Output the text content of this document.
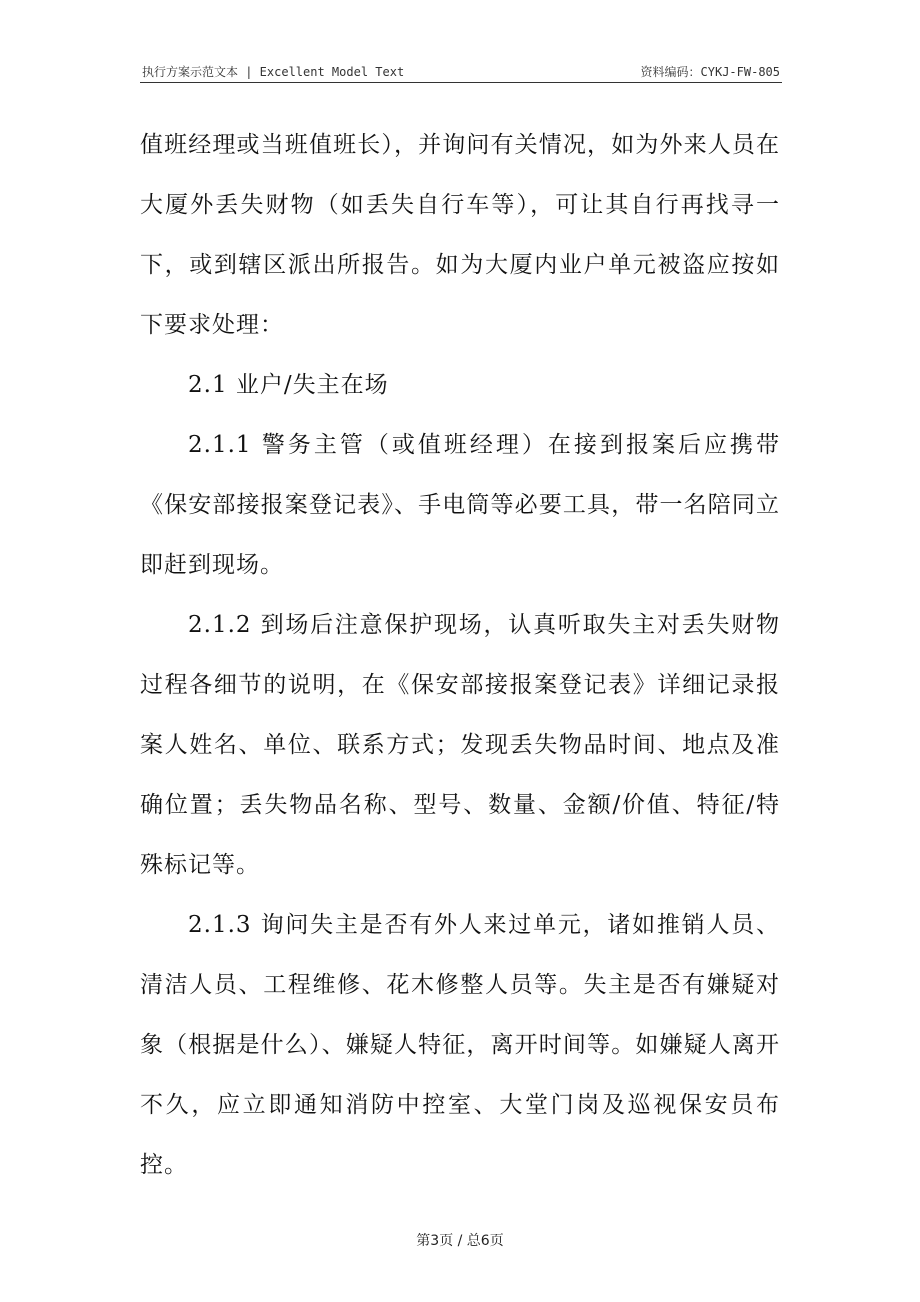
执行方案示范文本 | Excellent Model Text	资料编码：CYKJ-FW-805

值班经理或当班值班长），并询问有关情况，如为外来人员在大厦外丢失财物（如丢失自行车等），可让其自行再找寻一下，或到辖区派出所报告。如为大厦内业户单元被盗应按如下要求处理：

2.1 业户/失主在场

2.1.1 警务主管（或值班经理）在接到报案后应携带《保安部接报案登记表》、手电筒等必要工具，带一名陪同立即赶到现场。

2.1.2 到场后注意保护现场，认真听取失主对丢失财物过程各细节的说明，在《保安部接报案登记表》详细记录报案人姓名、单位、联系方式；发现丢失物品时间、地点及准确位置；丢失物品名称、型号、数量、金额/价值、特征/特殊标记等。

2.1.3 询问失主是否有外人来过单元，诸如推销人员、清洁人员、工程维修、花木修整人员等。失主是否有嫌疑对象（根据是什么）、嫌疑人特征，离开时间等。如嫌疑人离开不久，应立即通知消防中控室、大堂门岗及巡视保安员布控。

第3页 / 总6页
